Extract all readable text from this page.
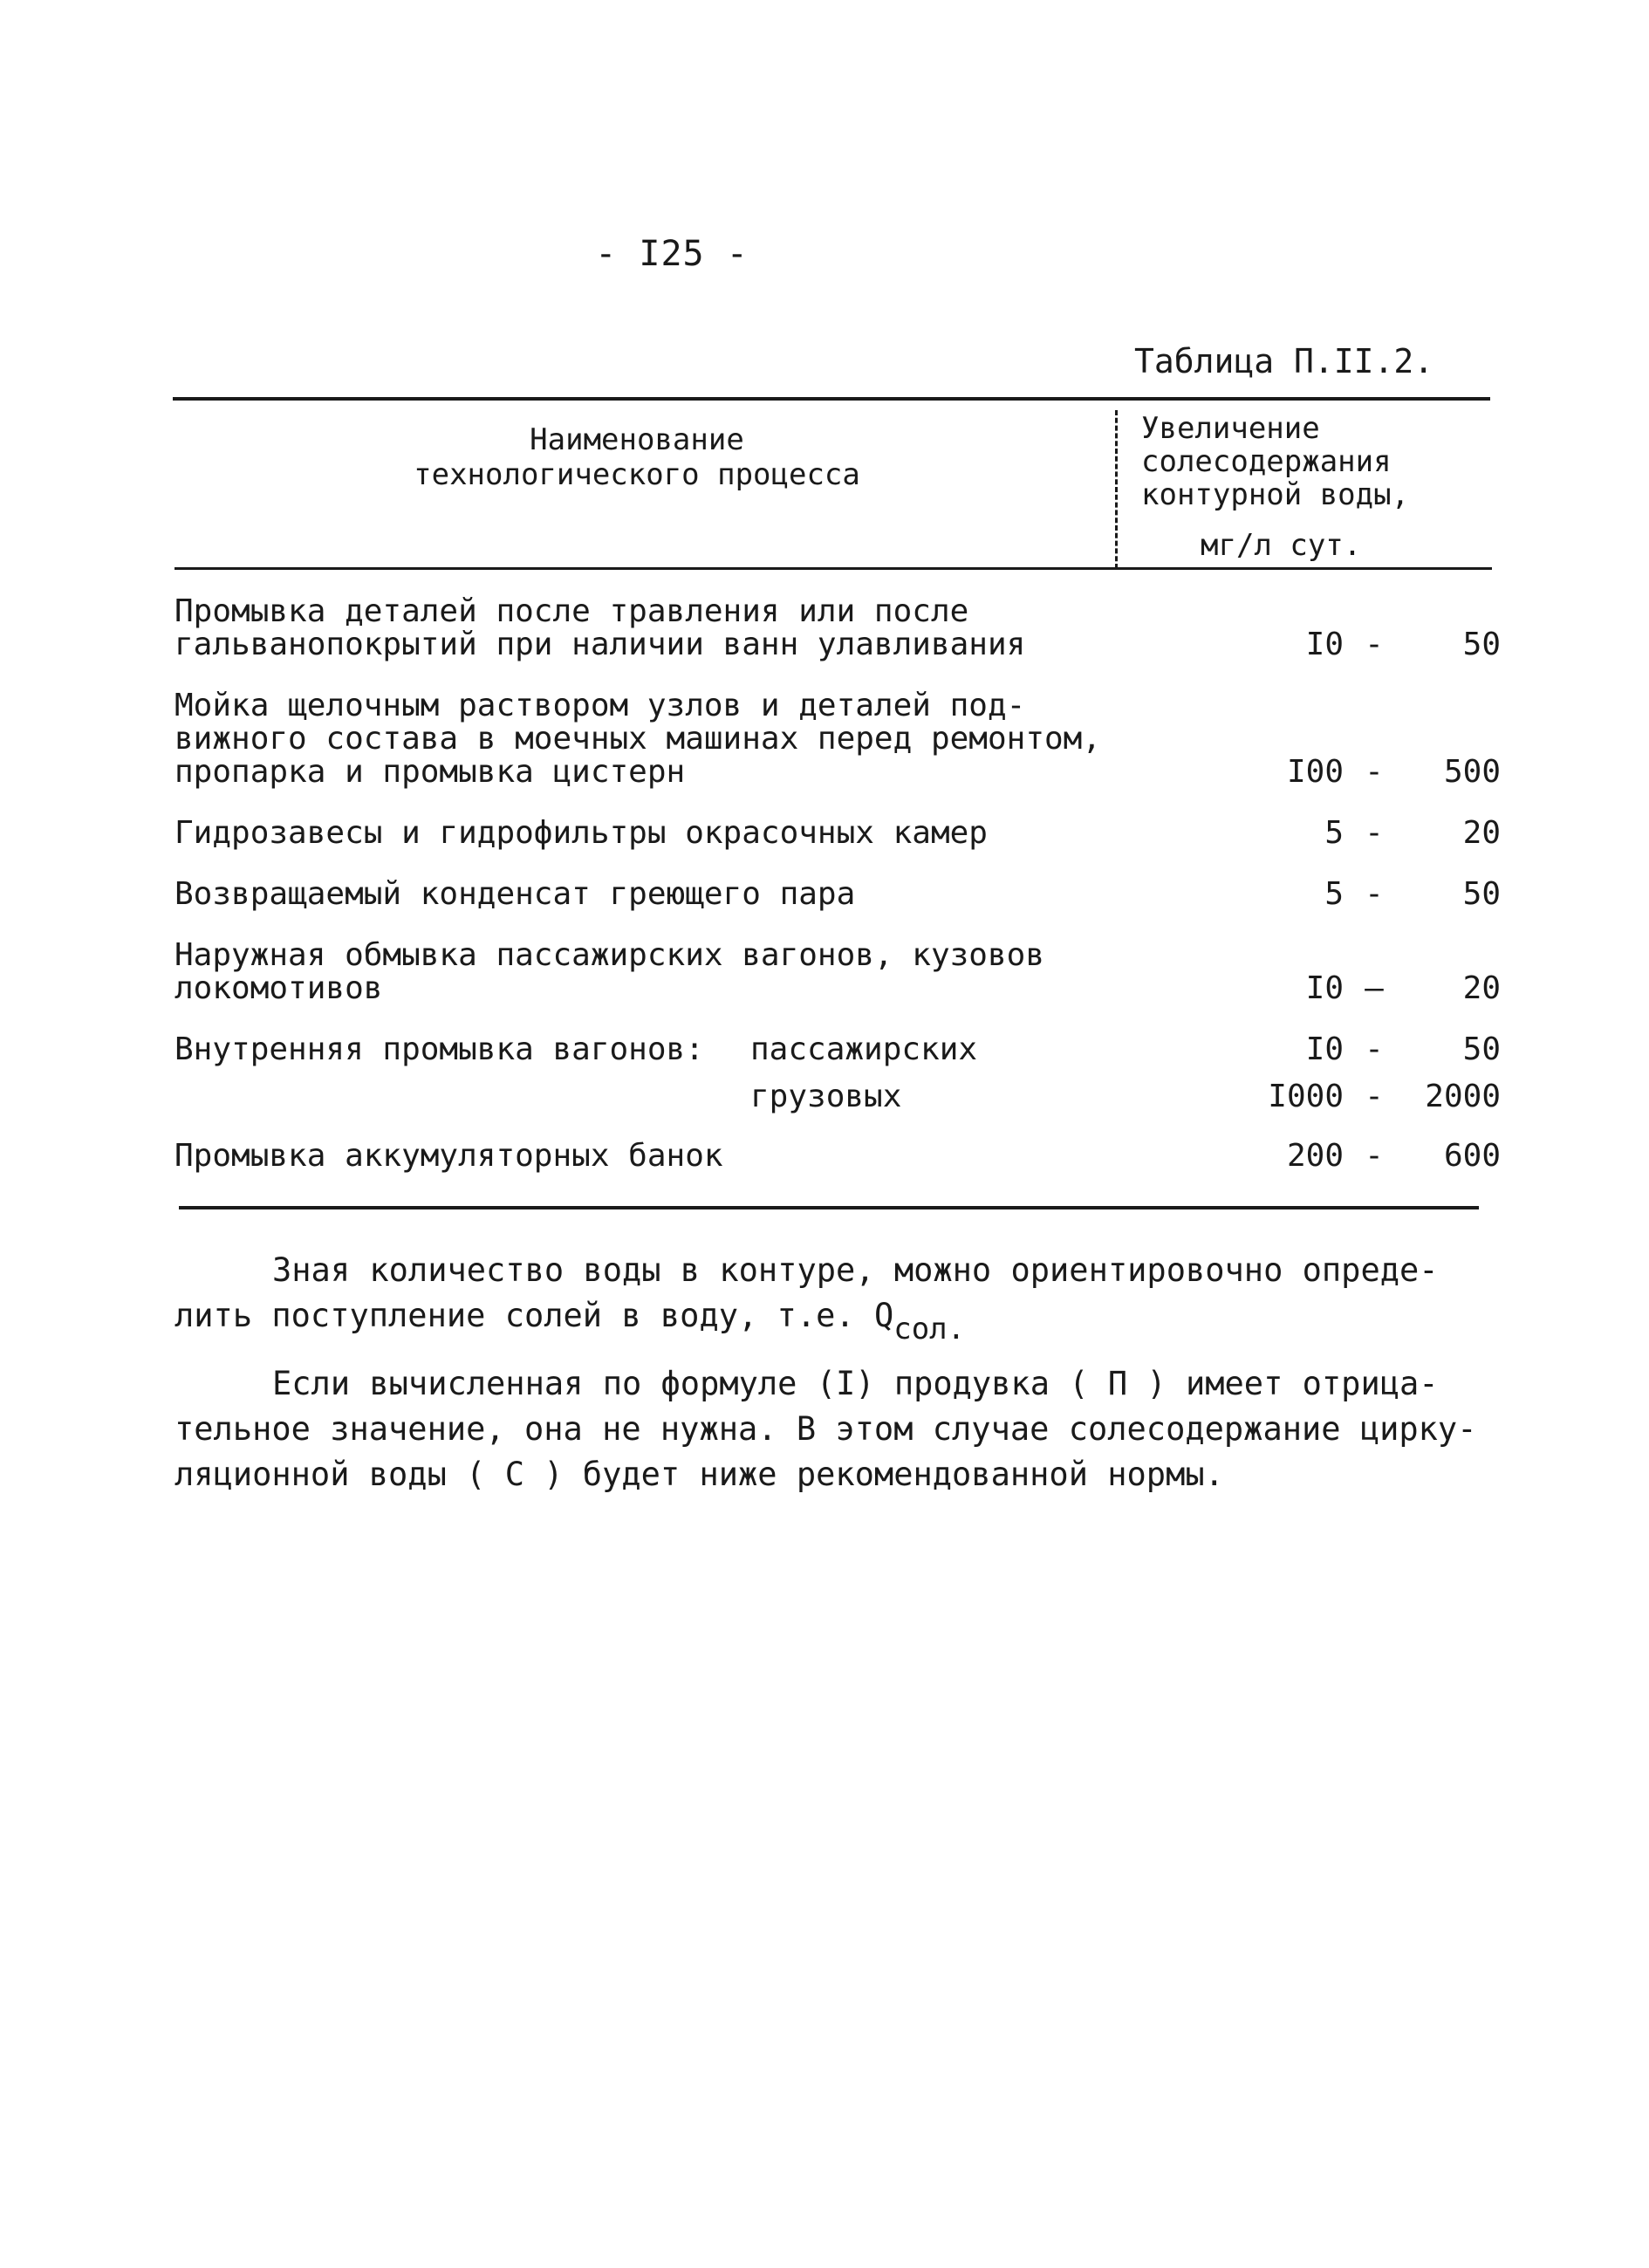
- I25 -
Таблица П.II.2.
Наименование
технологического процесса
Увеличение
солесодержания
контурной воды,
мг/л сут.
Промывка деталей после травления или после
гальванопокрытий при наличии ванн улавливания	I0 -	50
Мойка щелочным раствором узлов и деталей под-
вижного состава в моечных машинах перед ремонтом,
пропарка и промывка цистерн	I00 - 500
Гидрозавесы и гидрофильтры окрасочных камер	5 -	20
Возвращаемый конденсат греющего пара	5 -	50
Наружная обмывка пассажирских вагонов, кузовов
локомотивов	I0 —	20
Внутренняя промывка вагонов:	пассажирских	I0 -	50
грузовых	I000 - 2000
Промывка аккумуляторных банок	200 - 600
Зная количество воды в контуре, можно ориентировочно опреде-
лить поступление солей в воду, т.е. $Q_{сол.}$
Если вычисленная по формуле (I) продувка ( П ) имеет отрица-
тельное значение, она не нужна. В этом случае солесодержание цирку-
ляционной воды ( С ) будет ниже рекомендованной нормы.
